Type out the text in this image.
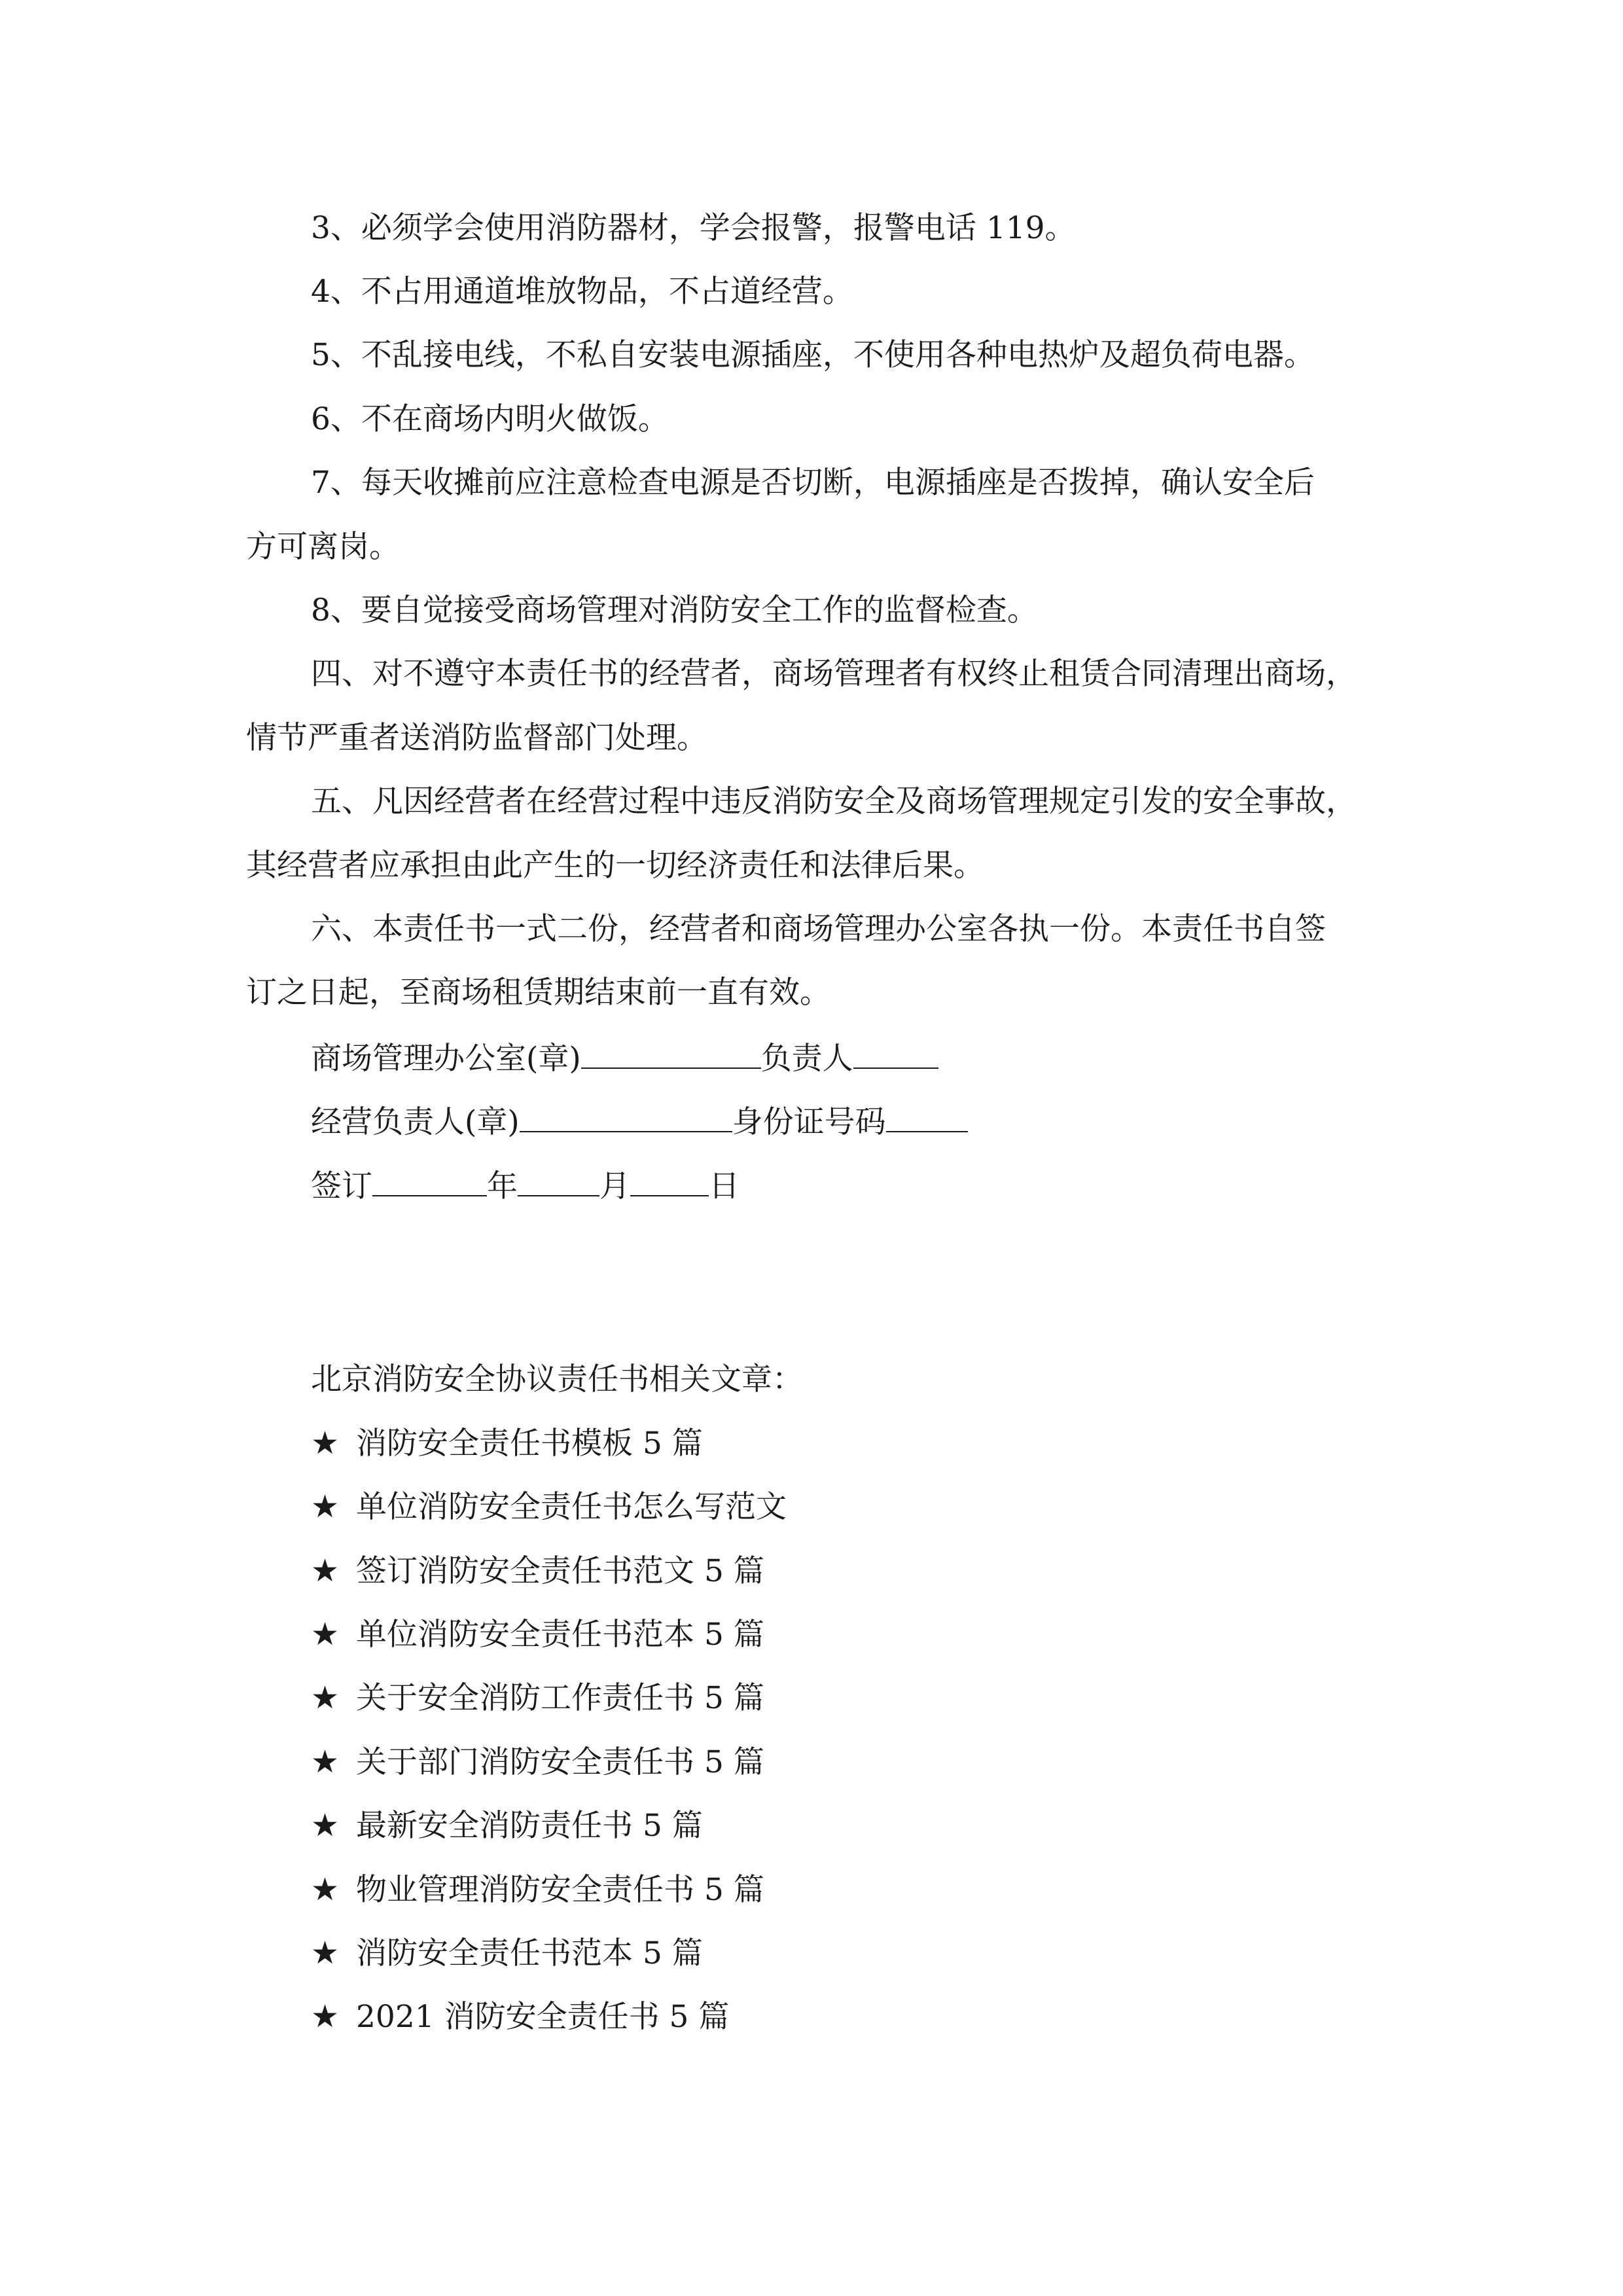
3、必须学会使用消防器材，学会报警，报警电话 119。
4、不占用通道堆放物品，不占道经营。
5、不乱接电线，不私自安装电源插座，不使用各种电热炉及超负荷电器。
6、不在商场内明火做饭。
7、每天收摊前应注意检查电源是否切断，电源插座是否拨掉，确认安全后
方可离岗。
8、要自觉接受商场管理对消防安全工作的监督检查。
四、对不遵守本责任书的经营者，商场管理者有权终止租赁合同清理出商场，
情节严重者送消防监督部门处理。
五、凡因经营者在经营过程中违反消防安全及商场管理规定引发的安全事故，
其经营者应承担由此产生的一切经济责任和法律后果。
六、本责任书一式二份，经营者和商场管理办公室各执一份。本责任书自签
订之日起，至商场租赁期结束前一直有效。
商场管理办公室(章)	负责人
经营负责人(章)	身份证号码
签订	年	月	日
北京消防安全协议责任书相关文章：
★ 消防安全责任书模板 5 篇
★ 单位消防安全责任书怎么写范文
★ 签订消防安全责任书范文 5 篇
★ 单位消防安全责任书范本 5 篇
★ 关于安全消防工作责任书 5 篇
★ 关于部门消防安全责任书 5 篇
★ 最新安全消防责任书 5 篇
★ 物业管理消防安全责任书 5 篇
★ 消防安全责任书范本 5 篇
★ 2021 消防安全责任书 5 篇
